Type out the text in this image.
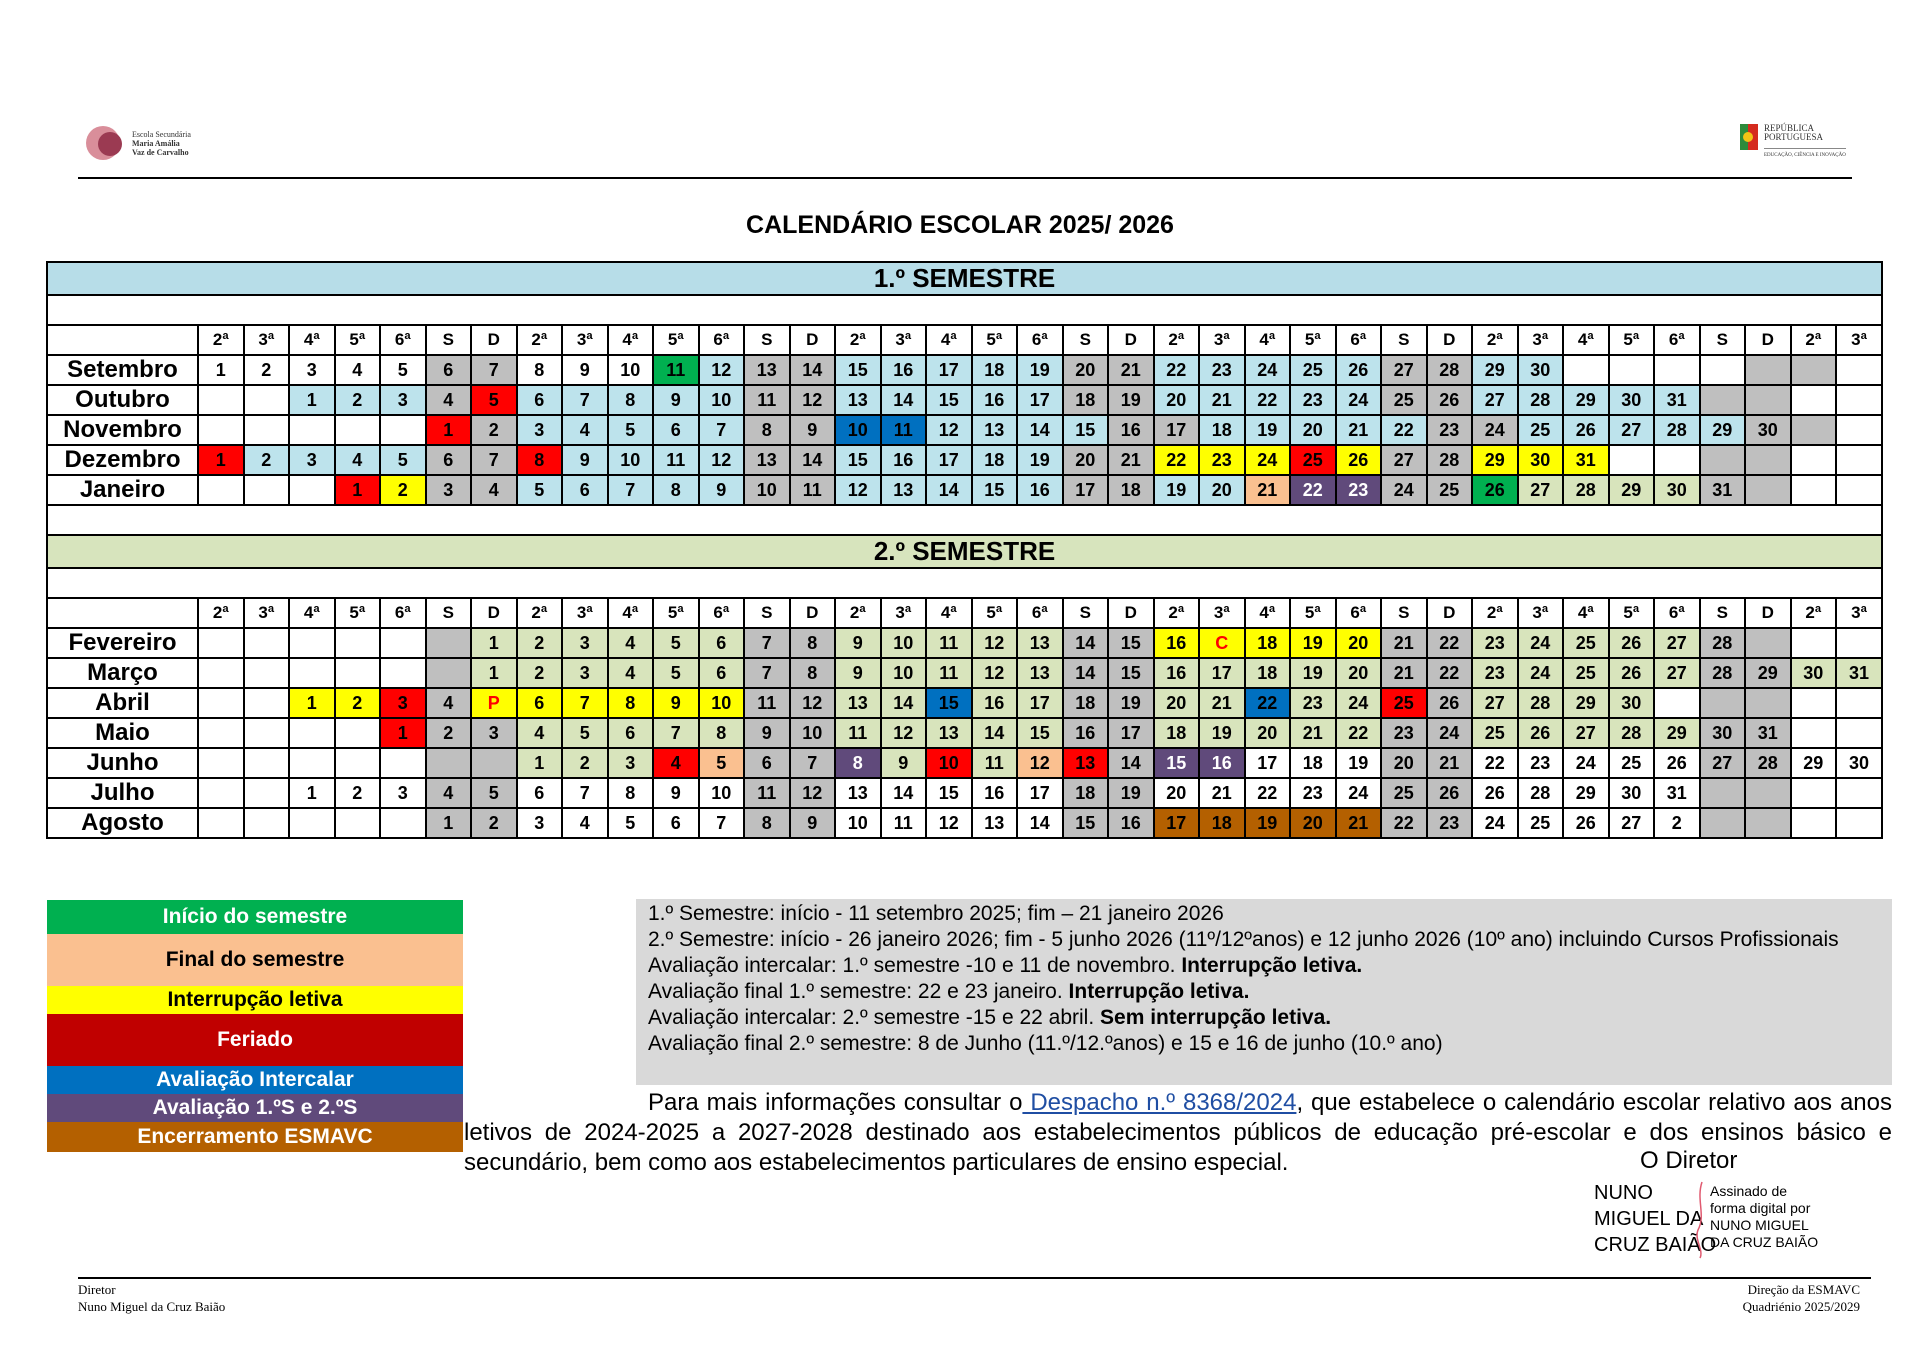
Escola Secundária
Maria Amália
Vaz de Carvalho
REPÚBLICA
PORTUGUESA
EDUCAÇÃO, CIÊNCIA E INOVAÇÃO
CALENDÁRIO ESCOLAR 2025/ 2026
1.º SEMESTRE																																					

	2ª	3ª	4ª	5ª	6ª	S	D	2ª	3ª	4ª	5ª	6ª	S	D	2ª	3ª	4ª	5ª	6ª	S	D	2ª	3ª	4ª	5ª	6ª	S	D	2ª	3ª	4ª	5ª	6ª	S	D	2ª	3ª
Setembro	1	2	3	4	5	6	7	8	9	10	11	12	13	14	15	16	17	18	19	20	21	22	23	24	25	26	27	28	29	30							
Outubro			1	2	3	4	5	6	7	8	9	10	11	12	13	14	15	16	17	18	19	20	21	22	23	24	25	26	27	28	29	30	31				
Novembro						1	2	3	4	5	6	7	8	9	10	11	12	13	14	15	16	17	18	19	20	21	22	23	24	25	26	27	28	29	30		
Dezembro	1	2	3	4	5	6	7	8	9	10	11	12	13	14	15	16	17	18	19	20	21	22	23	24	25	26	27	28	29	30	31						
Janeiro				1	2	3	4	5	6	7	8	9	10	11	12	13	14	15	16	17	18	19	20	21	22	23	24	25	26	27	28	29	30	31			

2.º SEMESTRE																																					

	2ª	3ª	4ª	5ª	6ª	S	D	2ª	3ª	4ª	5ª	6ª	S	D	2ª	3ª	4ª	5ª	6ª	S	D	2ª	3ª	4ª	5ª	6ª	S	D	2ª	3ª	4ª	5ª	6ª	S	D	2ª	3ª
Fevereiro							1	2	3	4	5	6	7	8	9	10	11	12	13	14	15	16	C	18	19	20	21	22	23	24	25	26	27	28			
Março							1	2	3	4	5	6	7	8	9	10	11	12	13	14	15	16	17	18	19	20	21	22	23	24	25	26	27	28	29	30	31
Abril			1	2	3	4	P	6	7	8	9	10	11	12	13	14	15	16	17	18	19	20	21	22	23	24	25	26	27	28	29	30					
Maio					1	2	3	4	5	6	7	8	9	10	11	12	13	14	15	16	17	18	19	20	21	22	23	24	25	26	27	28	29	30	31		
Junho								1	2	3	4	5	6	7	8	9	10	11	12	13	14	15	16	17	18	19	20	21	22	23	24	25	26	27	28	29	30
Julho			1	2	3	4	5	6	7	8	9	10	11	12	13	14	15	16	17	18	19	20	21	22	23	24	25	26	26	28	29	30	31				
Agosto						1	2	3	4	5	6	7	8	9	10	11	12	13	14	15	16	17	18	19	20	21	22	23	24	25	26	27	2				
Início do semestre
Final do semestre
Interrupção letiva
Feriado
Avaliação Intercalar
Avaliação 1.ºS e 2.ºS
Encerramento ESMAVC

1.º Semestre: início - 11 setembro 2025; fim – 21 janeiro 2026

2.º Semestre: início - 26 janeiro 2026; fim - 5 junho 2026 (11º/12ºanos) e 12 junho 2026 (10º ano) incluindo Cursos Profissionais

Avaliação intercalar: 1.º semestre -10 e 11 de novembro. Interrupção letiva.

Avaliação final 1.º semestre: 22 e 23 janeiro. Interrupção letiva.

Avaliação intercalar: 2.º semestre -15 e 22 abril. Sem interrupção letiva.

Avaliação final 2.º semestre: 8 de Junho (11.º/12.ºanos) e 15 e 16 de junho (10.º ano)

Para mais informações consultar o Despacho n.º 8368/2024, que estabelece o calendário escolar relativo aos anos letivos de 2024-2025 a 2027-2028 destinado aos estabelecimentos públicos de educação pré-escolar e dos ensinos básico e secundário, bem como aos estabelecimentos particulares de ensino especial.	O Diretor
NUNO
MIGUEL DA
CRUZ BAIÃO
Assinado de
forma digital por
NUNO MIGUEL
DA CRUZ BAIÃO
Diretor
Nuno Miguel da Cruz Baião
Direção da ESMAVC
Quadriénio 2025/2029
